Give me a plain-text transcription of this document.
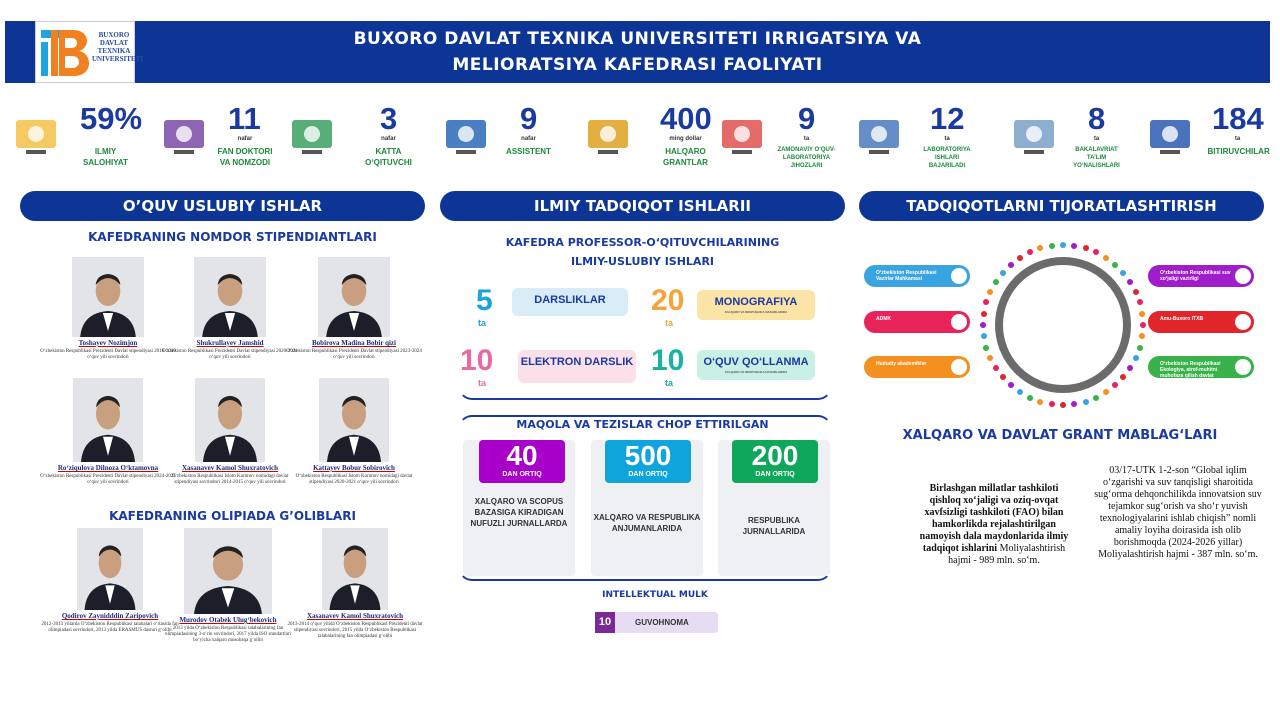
BUXORO DAVLAT TEXNIKA UNIVERSITETI IRRIGATSIYA VA
MELIORATSIYA KAFEDRASI FAOLIYATI
BUXORO DAVLAT TEXNIKA UNIVERSITETI
59%
ILMIY SALOHIYAT
11
nafar
FAN DOKTORI VA NOMZODI
3
nafar
KATTA O‘QITUVCHI
9
nafar
ASSISTENT
400
ming dollar
HALQARO GRANTLAR
9
ta
ZAMONAVIY O‘QUV-LABORATORIYA JIHOZLARI
12
ta
LABORATORIYA ISHLARI BAJARILADI
8
ta
BAKALAVRIAT TA’LIM YO‘NALISHLARI
184
ta
BITIRUVCHILAR
O’QUV USLUBIY ISHLAR	ILMIY TADQIQOT ISHLARII	TADQIQOTLARNI TIJORATLASHTIRISH
KAFEDRANING NOMDOR STIPENDIANTLARI
Toshayev Nozimjon
O‘zbekiston Respublikasi Prezidenti Davlat stipendiyasi 2016-2019 o‘quv yili sovrindori
Shukrullayev Jamshid
O‘zbekiston Respublikasi Prezidenti Davlat stipendiyasi 2020-2021 o‘quv yili sovrindori
Bobirova Madina Bobir qizi
O‘zbekiston Respublikasi Prezidenti Davlat stipendiyasi 2023-2024 o‘quv yili sovrindori
Ro‘ziqulova Dilnoza O‘ktamovna
O‘zbekiston Respublikasi Prezidenti Davlat stipendiyasi 2024-2025 o‘quv yili sovrindori
Xasanavev Kamol Shuxratovich
O‘zbekiston Respublikasi Islom Karimov nomidagi davlat stipendiyasi sovrindori 2014-2015 o‘quv yili sovrindori
Kattayev Bobur Sobirovich
O‘zbekiston Respublikasi Islom Karimov nomidagi davlat stipendiyasi 2020-2021 o‘quv yili sovrindori
KAFEDRANING OLIPIADA G’OLIBLARI
Qodirov Zaynidddin Zaripovich
2012-2013 yillarda O‘zbekiston Respublikasi talabalari o‘rtasida fan olimpiadasi sovrindori, 2013 yilda ERASMUS dasturi g‘olibi
Murodov Otabek Ulug‘bekovich
2013 yilda O‘zbekiston Respublikasi talabalarining fan olimpiadasining 3-o‘rin sovrindori, 2017 yilda ISO standartlari bo‘yicha xalqaro musobaqa g‘olibi
Xasanavev Kamol Shuxratovich
2013-2014 o‘quv yilida O‘zbekiston Respublikasi Prezidenti davlat stipendiyasi sovrindori, 2015 yilda O‘zbekiston Respublikasi talabalarining fan olimpiadasi g‘olibi
KAFEDRA PROFESSOR-O‘QITUVCHILARINING
ILMIY-USLUBIY ISHLARI
5
ta
DARSLIKLAR	20
ta
MONOGRAFIYA
XALQARO VA RESPUBLIKA NASHRLARIDA
10
ta
ELEKTRON DARSLIK 10
ta
O‘QUV QO‘LLANMA
XALQARO VA RESPUBLIKA NASHRLARIDA
MAQOLA VA TEZISLAR CHOP ETTIRILGAN
40
DAN ORTIQ
XALQARO VA SCOPUS BAZASIGA KIRADIGAN NUFUZLI JURNALLARDA
500
DAN ORTIQ
XALQARO VA RESPUBLIKA ANJUMANLARIDA
200
DAN ORTIQ
RESPUBLIKA JURNALLARIDA
INTELLEKTUAL MULK
10	GUVOHNOMA
O‘zbekiston Respublikasi Vazirlar Mahkamasi
ADMK
Hududiy akademiklar
O‘zbekiston Respublikasi suv xo‘jaligi vazirligi
Amu-Buxoro ITXB
O‘zbekiston Respublikasi Ekologiya, atrof-muhitni muhofaza qilish davlat qo‘mitasi
XALQARO VA DAVLAT GRANT MABLAG‘LARI
Birlashgan millatlar tashkiloti qishloq xo‘jaligi va oziq-ovqat xavfsizligi tashkiloti (FAO) bilan hamkorlikda rejalashtirilgan namoyish dala maydonlarida ilmiy tadqiqot ishlarini Moliyalashtirish hajmi - 989 mln. so‘m.
03/17-UTK 1-2-son “Global iqlim o‘zgarishi va suv tanqisligi sharoitida sug‘orma dehqonchilikda innovatsion suv tejamkor sug‘orish va sho‘r yuvish texnologiyalarini ishlab chiqish” nomli amaliy loyiha doirasida ish olib borishmoqda (2024-2026 yillar) Moliyalashtirish hajmi - 387 mln. so‘m.
